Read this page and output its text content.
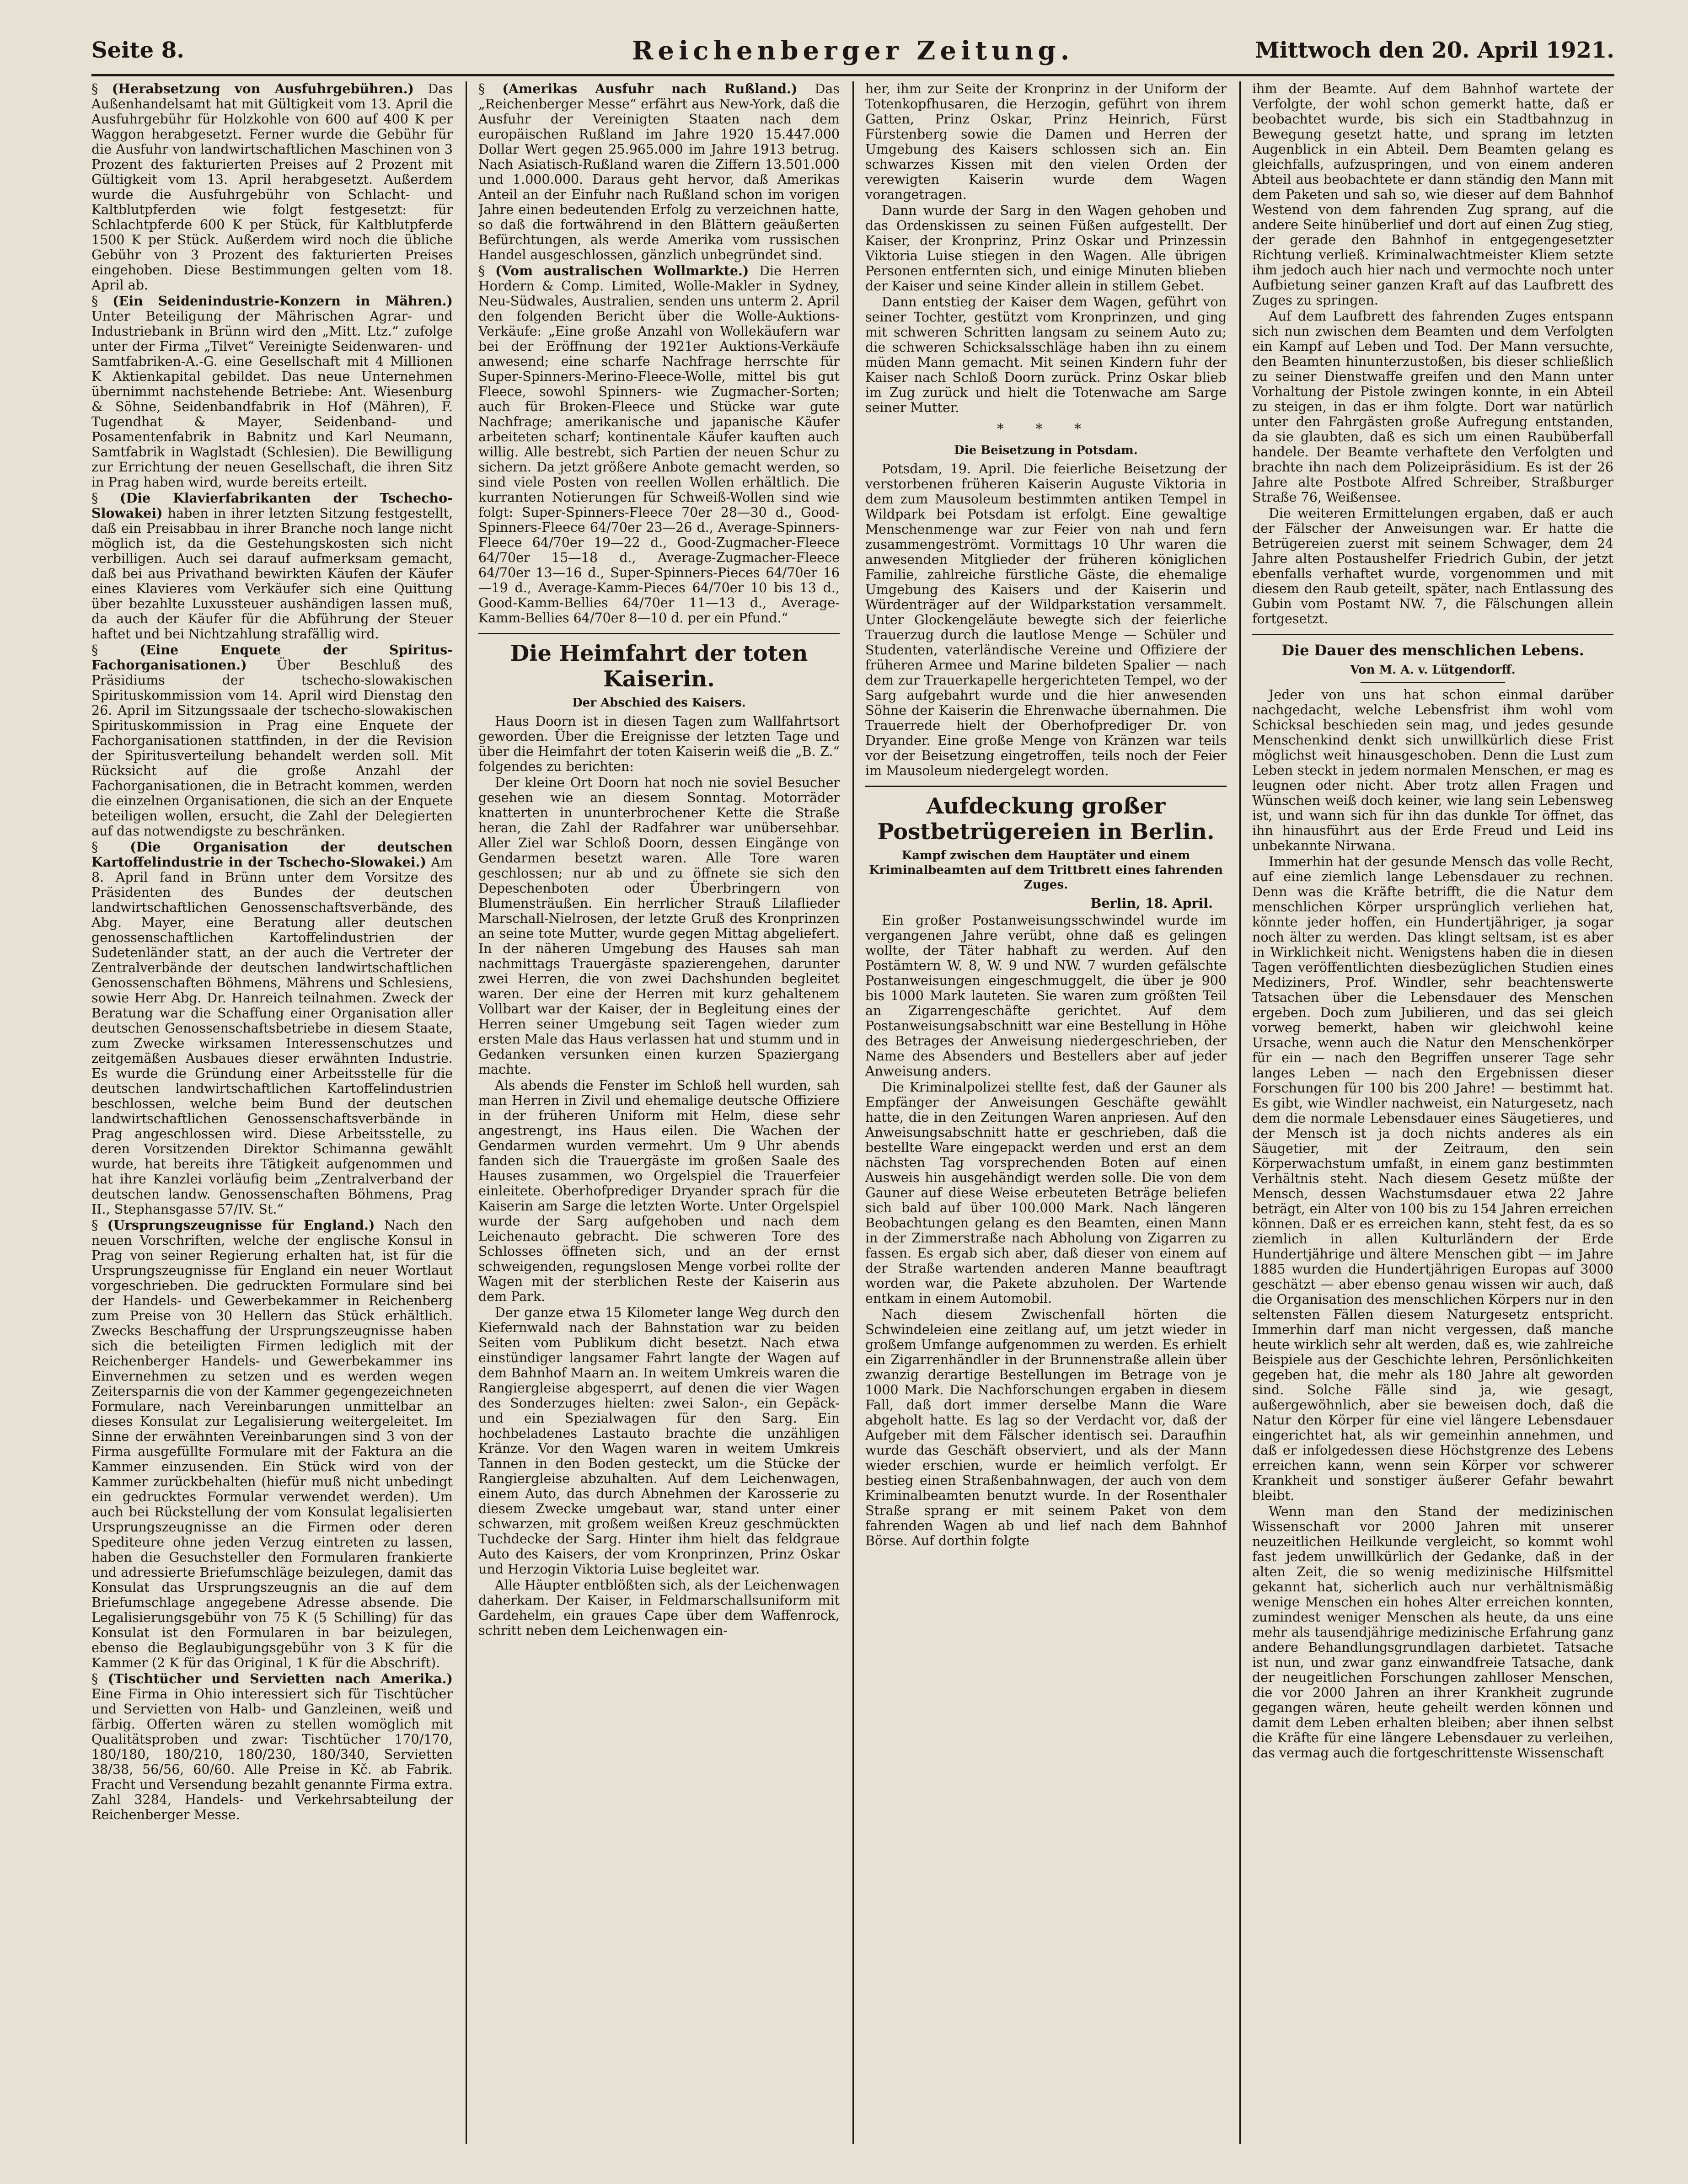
Seite 8.	Reichenberger Zeitung.	Mittwoch den 20. April 1921.

§ (Herabsetzung von Ausfuhrgebühren.) Das Außenhandelsamt hat mit Gültigkeit vom 13. April die Ausfuhrgebühr für Holzkohle von 600 auf 400 K per Waggon herabgesetzt. Ferner wurde die Gebühr für die Ausfuhr von landwirtschaftlichen Maschinen von 3 Prozent des fakturierten Preises auf 2 Prozent mit Gültigkeit vom 13. April herabgesetzt. Außerdem wurde die Ausfuhrgebühr von Schlacht- und Kaltblutpferden wie folgt festgesetzt: für Schlachtpferde 600 K per Stück, für Kaltblutpferde 1500 K per Stück. Außerdem wird noch die übliche Gebühr von 3 Prozent des fakturierten Preises eingehoben. Diese Bestimmungen gelten vom 18. April ab.

§ (Ein Seidenindustrie-Konzern in Mähren.) Unter Beteiligung der Mährischen Agrar- und Industriebank in Brünn wird den „Mitt. Ltz.“ zufolge unter der Firma „Tilvet“ Vereinigte Seidenwaren- und Samtfabriken-A.-G. eine Gesellschaft mit 4 Millionen K Aktienkapital gebildet. Das neue Unternehmen übernimmt nachstehende Betriebe: Ant. Wiesenburg & Söhne, Seidenbandfabrik in Hof (Mähren), F. Tugendhat & Mayer, Seidenband- und Posamentenfabrik in Babnitz und Karl Neumann, Samtfabrik in Waglstadt (Schlesien). Die Bewilligung zur Errichtung der neuen Gesellschaft, die ihren Sitz in Prag haben wird, wurde bereits erteilt.

§ (Die Klavierfabrikanten der Tschecho-Slowakei) haben in ihrer letzten Sitzung festgestellt, daß ein Preisabbau in ihrer Branche noch lange nicht möglich ist, da die Gestehungskosten sich nicht verbilligen. Auch sei darauf aufmerksam gemacht, daß bei aus Privathand bewirkten Käufen der Käufer eines Klavieres vom Verkäufer sich eine Quittung über bezahlte Luxussteuer aushändigen lassen muß, da auch der Käufer für die Abführung der Steuer haftet und bei Nichtzahlung strafällig wird.

§ (Eine Enquete der Spiritus-Fachorganisationen.) Über Beschluß des Präsidiums der tschecho-slowakischen Spirituskommission vom 14. April wird Dienstag den 26. April im Sitzungssaale der tschecho-slowakischen Spirituskommission in Prag eine Enquete der Fachorganisationen stattfinden, in der die Revision der Spiritusverteilung behandelt werden soll. Mit Rücksicht auf die große Anzahl der Fachorganisationen, die in Betracht kommen, werden die einzelnen Organisationen, die sich an der Enquete beteiligen wollen, ersucht, die Zahl der Delegierten auf das notwendigste zu beschränken.

§ (Die Organisation der deutschen Kartoffelindustrie in der Tschecho-Slowakei.) Am 8. April fand in Brünn unter dem Vorsitze des Präsidenten des Bundes der deutschen landwirtschaftlichen Genossenschaftsverbände, des Abg. Mayer, eine Beratung aller deutschen genossenschaftlichen Kartoffelindustrien der Sudetenländer statt, an der auch die Vertreter der Zentralverbände der deutschen landwirtschaftlichen Genossenschaften Böhmens, Mährens und Schlesiens, sowie Herr Abg. Dr. Hanreich teilnahmen. Zweck der Beratung war die Schaffung einer Organisation aller deutschen Genossenschaftsbetriebe in diesem Staate, zum Zwecke wirksamen Interessenschutzes und zeitgemäßen Ausbaues dieser erwähnten Industrie. Es wurde die Gründung einer Arbeitsstelle für die deutschen landwirtschaftlichen Kartoffelindustrien beschlossen, welche beim Bund der deutschen landwirtschaftlichen Genossenschaftsverbände in Prag angeschlossen wird. Diese Arbeitsstelle, zu deren Vorsitzenden Direktor Schimanna gewählt wurde, hat bereits ihre Tätigkeit aufgenommen und hat ihre Kanzlei vorläufig beim „Zentralverband der deutschen landw. Genossenschaften Böhmens, Prag II., Stephansgasse 57/IV. St.“

§ (Ursprungszeugnisse für England.) Nach den neuen Vorschriften, welche der englische Konsul in Prag von seiner Regierung erhalten hat, ist für die Ursprungszeugnisse für England ein neuer Wortlaut vorgeschrieben. Die gedruckten Formulare sind bei der Handels- und Gewerbekammer in Reichenberg zum Preise von 30 Hellern das Stück erhältlich. Zwecks Beschaffung der Ursprungszeugnisse haben sich die beteiligten Firmen lediglich mit der Reichenberger Handels- und Gewerbekammer ins Einvernehmen zu setzen und es werden wegen Zeitersparnis die von der Kammer gegengezeichneten Formulare, nach Vereinbarungen unmittelbar an dieses Konsulat zur Legalisierung weitergeleitet. Im Sinne der erwähnten Vereinbarungen sind 3 von der Firma ausgefüllte Formulare mit der Faktura an die Kammer einzusenden. Ein Stück wird von der Kammer zurückbehalten (hiefür muß nicht unbedingt ein gedrucktes Formular verwendet werden). Um auch bei Rückstellung der vom Konsulat legalisierten Ursprungszeugnisse an die Firmen oder deren Spediteure ohne jeden Verzug eintreten zu lassen, haben die Gesuchsteller den Formularen frankierte und adressierte Briefumschläge beizulegen, damit das Konsulat das Ursprungszeugnis an die auf dem Briefumschlage angegebene Adresse absende. Die Legalisierungsgebühr von 75 K (5 Schilling) für das Konsulat ist den Formularen in bar beizulegen, ebenso die Beglaubigungsgebühr von 3 K für die Kammer (2 K für das Original, 1 K für die Abschrift).

§ (Tischtücher und Servietten nach Amerika.) Eine Firma in Ohio interessiert sich für Tischtücher und Servietten von Halb- und Ganzleinen, weiß und färbig. Offerten wären zu stellen womöglich mit Qualitätsproben und zwar: Tischtücher 170/170, 180/180, 180/210, 180/230, 180/340, Servietten 38/38, 56/56, 60/60. Alle Preise in Kč. ab Fabrik. Fracht und Versendung bezahlt genannte Firma extra. Zahl 3284, Handels- und Verkehrsabteilung der Reichenberger Messe.

§ (Amerikas Ausfuhr nach Rußland.) Das „Reichenberger Messe“ erfährt aus New-York, daß die Ausfuhr der Vereinigten Staaten nach dem europäischen Rußland im Jahre 1920 15.447.000 Dollar Wert gegen 25.965.000 im Jahre 1913 betrug. Nach Asiatisch-Rußland waren die Ziffern 13.501.000 und 1.000.000. Daraus geht hervor, daß Amerikas Anteil an der Einfuhr nach Rußland schon im vorigen Jahre einen bedeutenden Erfolg zu verzeichnen hatte, so daß die fortwährend in den Blättern geäußerten Befürchtungen, als werde Amerika vom russischen Handel ausgeschlossen, gänzlich unbegründet sind.

§ (Vom australischen Wollmarkte.) Die Herren Hordern & Comp. Limited, Wolle-Makler in Sydney, Neu-Südwales, Australien, senden uns unterm 2. April den folgenden Bericht über die Wolle-Auktions-Verkäufe: „Eine große Anzahl von Wollekäufern war bei der Eröffnung der 1921er Auktions-Verkäufe anwesend; eine scharfe Nachfrage herrschte für Super-Spinners-Merino-Fleece-Wolle, mittel bis gut Fleece, sowohl Spinners- wie Zugmacher-Sorten; auch für Broken-Fleece und Stücke war gute Nachfrage; amerikanische und japanische Käufer arbeiteten scharf; kontinentale Käufer kauften auch willig. Alle bestrebt, sich Partien der neuen Schur zu sichern. Da jetzt größere Anbote gemacht werden, so sind viele Posten von reellen Wollen erhältlich. Die kurranten Notierungen für Schweiß-Wollen sind wie folgt: Super-Spinners-Fleece 70er 28—30 d., Good-Spinners-Fleece 64/70er 23—26 d., Average-Spinners-Fleece 64/70er 19—22 d., Good-Zugmacher-Fleece 64/70er 15—18 d., Average-Zugmacher-Fleece 64/70er 13—16 d., Super-Spinners-Pieces 64/70er 16—19 d., Average-Kamm-Pieces 64/70er 10 bis 13 d., Good-Kamm-Bellies 64/70er 11—13 d., Average-Kamm-Bellies 64/70er 8—10 d. per ein Pfund.“

Die Heimfahrt der toten Kaiserin.
Der Abschied des Kaisers.

Haus Doorn ist in diesen Tagen zum Wallfahrtsort geworden. Über die Ereignisse der letzten Tage und über die Heimfahrt der toten Kaiserin weiß die „B. Z.“ folgendes zu berichten:

Der kleine Ort Doorn hat noch nie soviel Besucher gesehen wie an diesem Sonntag. Motorräder knatterten in ununterbrochener Kette die Straße heran, die Zahl der Radfahrer war unübersehbar. Aller Ziel war Schloß Doorn, dessen Eingänge von Gendarmen besetzt waren. Alle Tore waren geschlossen; nur ab und zu öffnete sie sich den Depeschenboten oder Überbringern von Blumensträußen. Ein herrlicher Strauß Lilaflieder Marschall-Nielrosen, der letzte Gruß des Kronprinzen an seine tote Mutter, wurde gegen Mittag abgeliefert. In der näheren Umgebung des Hauses sah man nachmittags Trauergäste spazierengehen, darunter zwei Herren, die von zwei Dachshunden begleitet waren. Der eine der Herren mit kurz gehaltenem Vollbart war der Kaiser, der in Begleitung eines der Herren seiner Umgebung seit Tagen wieder zum ersten Male das Haus verlassen hat und stumm und in Gedanken versunken einen kurzen Spaziergang machte.

Als abends die Fenster im Schloß hell wurden, sah man Herren in Zivil und ehemalige deutsche Offiziere in der früheren Uniform mit Helm, diese sehr angestrengt, ins Haus eilen. Die Wachen der Gendarmen wurden vermehrt. Um 9 Uhr abends fanden sich die Trauergäste im großen Saale des Hauses zusammen, wo Orgelspiel die Trauerfeier einleitete. Oberhofprediger Dryander sprach für die Kaiserin am Sarge die letzten Worte. Unter Orgelspiel wurde der Sarg aufgehoben und nach dem Leichenauto gebracht. Die schweren Tore des Schlosses öffneten sich, und an der ernst schweigenden, regungslosen Menge vorbei rollte der Wagen mit der sterblichen Reste der Kaiserin aus dem Park.

Der ganze etwa 15 Kilometer lange Weg durch den Kiefernwald nach der Bahnstation war zu beiden Seiten vom Publikum dicht besetzt. Nach etwa einstündiger langsamer Fahrt langte der Wagen auf dem Bahnhof Maarn an. In weitem Umkreis waren die Rangiergleise abgesperrt, auf denen die vier Wagen des Sonderzuges hielten: zwei Salon-, ein Gepäck- und ein Spezialwagen für den Sarg. Ein hochbeladenes Lastauto brachte die unzähligen Kränze. Vor den Wagen waren in weitem Umkreis Tannen in den Boden gesteckt, um die Stücke der Rangiergleise abzuhalten. Auf dem Leichenwagen, einem Auto, das durch Abnehmen der Karosserie zu diesem Zwecke umgebaut war, stand unter einer schwarzen, mit großem weißen Kreuz geschmückten Tuchdecke der Sarg. Hinter ihm hielt das feldgraue Auto des Kaisers, der vom Kronprinzen, Prinz Oskar und Herzogin Viktoria Luise begleitet war.

Alle Häupter entblößten sich, als der Leichenwagen daherkam. Der Kaiser, in Feldmarschallsuniform mit Gardehelm, ein graues Cape über dem Waffenrock, schritt neben dem Leichenwagen ein-

her, ihm zur Seite der Kronprinz in der Uniform der Totenkopfhusaren, die Herzogin, geführt von ihrem Gatten, Prinz Oskar, Prinz Heinrich, Fürst Fürstenberg sowie die Damen und Herren der Umgebung des Kaisers schlossen sich an. Ein schwarzes Kissen mit den vielen Orden der verewigten Kaiserin wurde dem Wagen vorangetragen.

Dann wurde der Sarg in den Wagen gehoben und das Ordenskissen zu seinen Füßen aufgestellt. Der Kaiser, der Kronprinz, Prinz Oskar und Prinzessin Viktoria Luise stiegen in den Wagen. Alle übrigen Personen entfernten sich, und einige Minuten blieben der Kaiser und seine Kinder allein in stillem Gebet.

Dann entstieg der Kaiser dem Wagen, geführt von seiner Tochter, gestützt vom Kronprinzen, und ging mit schweren Schritten langsam zu seinem Auto zu; die schweren Schicksalsschläge haben ihn zu einem müden Mann gemacht. Mit seinen Kindern fuhr der Kaiser nach Schloß Doorn zurück. Prinz Oskar blieb im Zug zurück und hielt die Totenwache am Sarge seiner Mutter.

* * *
Die Beisetzung in Potsdam.

Potsdam, 19. April. Die feierliche Beisetzung der verstorbenen früheren Kaiserin Auguste Viktoria in dem zum Mausoleum bestimmten antiken Tempel in Wildpark bei Potsdam ist erfolgt. Eine gewaltige Menschenmenge war zur Feier von nah und fern zusammengeströmt. Vormittags 10 Uhr waren die anwesenden Mitglieder der früheren königlichen Familie, zahlreiche fürstliche Gäste, die ehemalige Umgebung des Kaisers und der Kaiserin und Würdenträger auf der Wildparkstation versammelt. Unter Glockengeläute bewegte sich der feierliche Trauerzug durch die lautlose Menge — Schüler und Studenten, vaterländische Vereine und Offiziere der früheren Armee und Marine bildeten Spalier — nach dem zur Trauerkapelle hergerichteten Tempel, wo der Sarg aufgebahrt wurde und die hier anwesenden Söhne der Kaiserin die Ehrenwache übernahmen. Die Trauerrede hielt der Oberhofprediger Dr. von Dryander. Eine große Menge von Kränzen war teils vor der Beisetzung eingetroffen, teils noch der Feier im Mausoleum niedergelegt worden.

Aufdeckung großer Postbetrügereien in Berlin.
Kampf zwischen dem Hauptäter und einem Kriminalbeamten auf dem Trittbrett eines fahrenden Zuges.
Berlin, 18. April.

Ein großer Postanweisungsschwindel wurde im vergangenen Jahre verübt, ohne daß es gelingen wollte, der Täter habhaft zu werden. Auf den Postämtern W. 8, W. 9 und NW. 7 wurden gefälschte Postanweisungen eingeschmuggelt, die über je 900 bis 1000 Mark lauteten. Sie waren zum größten Teil an Zigarrengeschäfte gerichtet. Auf dem Postanweisungsabschnitt war eine Bestellung in Höhe des Betrages der Anweisung niedergeschrieben, der Name des Absenders und Bestellers aber auf jeder Anweisung anders.

Die Kriminalpolizei stellte fest, daß der Gauner als Empfänger der Anweisungen Geschäfte gewählt hatte, die in den Zeitungen Waren anpriesen. Auf den Anweisungsabschnitt hatte er geschrieben, daß die bestellte Ware eingepackt werden und erst an dem nächsten Tag vorsprechenden Boten auf einen Ausweis hin ausgehändigt werden solle. Die von dem Gauner auf diese Weise erbeuteten Beträge beliefen sich bald auf über 100.000 Mark. Nach längeren Beobachtungen gelang es den Beamten, einen Mann in der Zimmerstraße nach Abholung von Zigarren zu fassen. Es ergab sich aber, daß dieser von einem auf der Straße wartenden anderen Manne beauftragt worden war, die Pakete abzuholen. Der Wartende entkam in einem Automobil.

Nach diesem Zwischenfall hörten die Schwindeleien eine zeitlang auf, um jetzt wieder in großem Umfange aufgenommen zu werden. Es erhielt ein Zigarrenhändler in der Brunnenstraße allein über zwanzig derartige Bestellungen im Betrage von je 1000 Mark. Die Nachforschungen ergaben in diesem Fall, daß dort immer derselbe Mann die Ware abgeholt hatte. Es lag so der Verdacht vor, daß der Aufgeber mit dem Fälscher identisch sei. Daraufhin wurde das Geschäft observiert, und als der Mann wieder erschien, wurde er heimlich verfolgt. Er bestieg einen Straßenbahnwagen, der auch von dem Kriminalbeamten benutzt wurde. In der Rosenthaler Straße sprang er mit seinem Paket von dem fahrenden Wagen ab und lief nach dem Bahnhof Börse. Auf dorthin folgte

ihm der Beamte. Auf dem Bahnhof wartete der Verfolgte, der wohl schon gemerkt hatte, daß er beobachtet wurde, bis sich ein Stadtbahnzug in Bewegung gesetzt hatte, und sprang im letzten Augenblick in ein Abteil. Dem Beamten gelang es gleichfalls, aufzuspringen, und von einem anderen Abteil aus beobachtete er dann ständig den Mann mit dem Paketen und sah so, wie dieser auf dem Bahnhof Westend von dem fahrenden Zug sprang, auf die andere Seite hinüberlief und dort auf einen Zug stieg, der gerade den Bahnhof in entgegengesetzter Richtung verließ. Kriminalwachtmeister Kliem setzte ihm jedoch auch hier nach und vermochte noch unter Aufbietung seiner ganzen Kraft auf das Laufbrett des Zuges zu springen.

Auf dem Laufbrett des fahrenden Zuges entspann sich nun zwischen dem Beamten und dem Verfolgten ein Kampf auf Leben und Tod. Der Mann versuchte, den Beamten hinunterzustoßen, bis dieser schließlich zu seiner Dienstwaffe greifen und den Mann unter Vorhaltung der Pistole zwingen konnte, in ein Abteil zu steigen, in das er ihm folgte. Dort war natürlich unter den Fahrgästen große Aufregung entstanden, da sie glaubten, daß es sich um einen Raubüberfall handele. Der Beamte verhaftete den Verfolgten und brachte ihn nach dem Polizeipräsidium. Es ist der 26 Jahre alte Postbote Alfred Schreiber, Straßburger Straße 76, Weißensee.

Die weiteren Ermittelungen ergaben, daß er auch der Fälscher der Anweisungen war. Er hatte die Betrügereien zuerst mit seinem Schwager, dem 24 Jahre alten Postaushelfer Friedrich Gubin, der jetzt ebenfalls verhaftet wurde, vorgenommen und mit diesem den Raub geteilt, später, nach Entlassung des Gubin vom Postamt NW. 7, die Fälschungen allein fortgesetzt.

Die Dauer des menschlichen Lebens.
Von M. A. v. Lütgendorff.

Jeder von uns hat schon einmal darüber nachgedacht, welche Lebensfrist ihm wohl vom Schicksal beschieden sein mag, und jedes gesunde Menschenkind denkt sich unwillkürlich diese Frist möglichst weit hinausgeschoben. Denn die Lust zum Leben steckt in jedem normalen Menschen, er mag es leugnen oder nicht. Aber trotz allen Fragen und Wünschen weiß doch keiner, wie lang sein Lebensweg ist, und wann sich für ihn das dunkle Tor öffnet, das ihn hinausführt aus der Erde Freud und Leid ins unbekannte Nirwana.

Immerhin hat der gesunde Mensch das volle Recht, auf eine ziemlich lange Lebensdauer zu rechnen. Denn was die Kräfte betrifft, die die Natur dem menschlichen Körper ursprünglich verliehen hat, könnte jeder hoffen, ein Hundertjähriger, ja sogar noch älter zu werden. Das klingt seltsam, ist es aber in Wirklichkeit nicht. Wenigstens haben die in diesen Tagen veröffentlichten diesbezüglichen Studien eines Mediziners, Prof. Windler, sehr beachtenswerte Tatsachen über die Lebensdauer des Menschen ergeben. Doch zum Jubilieren, und das sei gleich vorweg bemerkt, haben wir gleichwohl keine Ursache, wenn auch die Natur den Menschenkörper für ein — nach den Begriffen unserer Tage sehr langes Leben — nach den Ergebnissen dieser Forschungen für 100 bis 200 Jahre! — bestimmt hat. Es gibt, wie Windler nachweist, ein Naturgesetz, nach dem die normale Lebensdauer eines Säugetieres, und der Mensch ist ja doch nichts anderes als ein Säugetier, mit der Zeitraum, den sein Körperwachstum umfaßt, in einem ganz bestimmten Verhältnis steht. Nach diesem Gesetz müßte der Mensch, dessen Wachstumsdauer etwa 22 Jahre beträgt, ein Alter von 100 bis zu 154 Jahren erreichen können. Daß er es erreichen kann, steht fest, da es so ziemlich in allen Kulturländern der Erde Hundertjährige und ältere Menschen gibt — im Jahre 1885 wurden die Hundertjährigen Europas auf 3000 geschätzt — aber ebenso genau wissen wir auch, daß die Organisation des menschlichen Körpers nur in den seltensten Fällen diesem Naturgesetz entspricht. Immerhin darf man nicht vergessen, daß manche heute wirklich sehr alt werden, daß es, wie zahlreiche Beispiele aus der Geschichte lehren, Persönlichkeiten gegeben hat, die mehr als 180 Jahre alt geworden sind. Solche Fälle sind ja, wie gesagt, außergewöhnlich, aber sie beweisen doch, daß die Natur den Körper für eine viel längere Lebensdauer eingerichtet hat, als wir gemeinhin annehmen, und daß er infolgedessen diese Höchstgrenze des Lebens erreichen kann, wenn sein Körper vor schwerer Krankheit und sonstiger äußerer Gefahr bewahrt bleibt.

Wenn man den Stand der medizinischen Wissenschaft vor 2000 Jahren mit unserer neuzeitlichen Heilkunde vergleicht, so kommt wohl fast jedem unwillkürlich der Gedanke, daß in der alten Zeit, die so wenig medizinische Hilfsmittel gekannt hat, sicherlich auch nur verhältnismäßig wenige Menschen ein hohes Alter erreichen konnten, zumindest weniger Menschen als heute, da uns eine mehr als tausendjährige medizinische Erfahrung ganz andere Behandlungsgrundlagen darbietet. Tatsache ist nun, und zwar ganz einwandfreie Tatsache, dank der neugeitlichen Forschungen zahlloser Menschen, die vor 2000 Jahren an ihrer Krankheit zugrunde gegangen wären, heute geheilt werden können und damit dem Leben erhalten bleiben; aber ihnen selbst die Kräfte für eine längere Lebensdauer zu verleihen, das vermag auch die fortgeschrittenste Wissenschaft
